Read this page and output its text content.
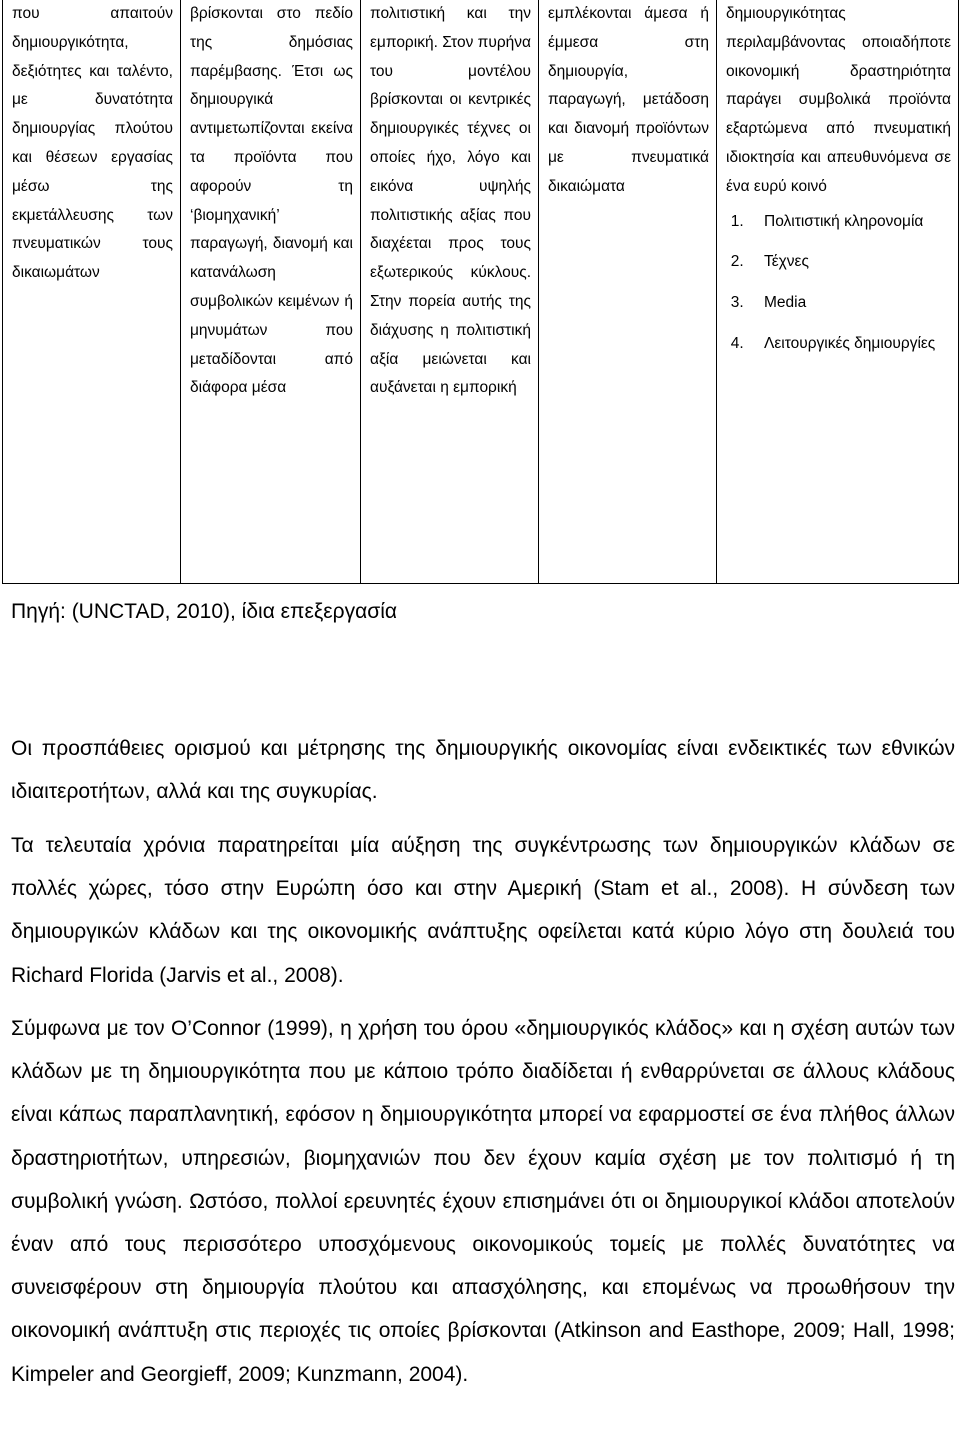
που απαιτούν δημιουργικότητα, δεξιότητες και ταλέντο, με δυνατότητα δημιουργίας πλούτου και θέσεων εργασίας μέσω της εκμετάλλευσης των πνευματικών τους δικαιωμάτων

βρίσκονται στο πεδίο της δημόσιας παρέμβασης. Έτσι ως δημιουργικά αντιμετωπίζονται εκείνα τα προϊόντα που αφορούν τη ‘βιομηχανική’ παραγωγή, διανομή και κατανάλωση συμβολικών κειμένων ή μηνυμάτων που μεταδίδονται από διάφορα μέσα

πολιτιστική και την εμπορική. Στον πυρήνα του μοντέλου βρίσκονται οι κεντρικές δημιουργικές τέχνες οι οποίες ήχο, λόγο και εικόνα υψηλής πολιτιστικής αξίας που διαχέεται προς τους εξωτερικούς κύκλους. Στην πορεία αυτής της διάχυσης η πολιτιστική αξία μειώνεται και αυξάνεται η εμπορική

εμπλέκονται άμεσα ή έμμεσα στη δημιουργία, παραγωγή, μετάδοση και διανομή προϊόντων με πνευματικά δικαιώματα

δημιουργικότητας περιλαμβάνοντας οποιαδήποτε οικονομική δραστηριότητα παράγει συμβολικά προϊόντα εξαρτώμενα από πνευματική ιδιοκτησία και απευθυνόμενα σε ένα ευρύ κοινό
1. Πολιτιστική κληρονομία
2. Τέχνες
3. Media
4. Λειτουργικές δημιουργίες
Πηγή: (UNCTAD, 2010), ίδια επεξεργασία

Οι προσπάθειες ορισμού και μέτρησης της δημιουργικής οικονομίας είναι ενδεικτικές των εθνικών ιδιαιτεροτήτων, αλλά και της συγκυρίας.

Τα τελευταία χρόνια παρατηρείται μία αύξηση της συγκέντρωσης των δημιουργικών κλάδων σε πολλές χώρες, τόσο στην Ευρώπη όσο και στην Αμερική (Stam et al., 2008). Η σύνδεση των δημιουργικών κλάδων και της οικονομικής ανάπτυξης οφείλεται κατά κύριο λόγο στη δουλειά του Richard Florida (Jarvis et al., 2008).

Σύμφωνα με τον O’Connor (1999), η χρήση του όρου «δημιουργικός κλάδος» και η σχέση αυτών των κλάδων με τη δημιουργικότητα που με κάποιο τρόπο διαδίδεται ή ενθαρρύνεται σε άλλους κλάδους είναι κάπως παραπλανητική, εφόσον η δημιουργικότητα μπορεί να εφαρμοστεί σε ένα πλήθος άλλων δραστηριοτήτων, υπηρεσιών, βιομηχανιών που δεν έχουν καμία σχέση με τον πολιτισμό ή τη συμβολική γνώση. Ωστόσο, πολλοί ερευνητές έχουν επισημάνει ότι οι δημιουργικοί κλάδοι αποτελούν έναν από τους περισσότερο υποσχόμενους οικονομικούς τομείς με πολλές δυνατότητες να συνεισφέρουν στη δημιουργία πλούτου και απασχόλησης, και επομένως να προωθήσουν την οικονομική ανάπτυξη στις περιοχές τις οποίες βρίσκονται (Atkinson and Easthope, 2009; Hall, 1998; Kimpeler and Georgieff, 2009; Kunzmann, 2004).
